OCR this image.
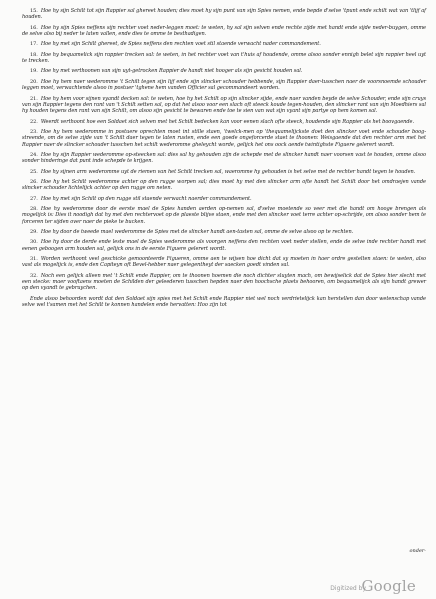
15. Hoe hy sijn Schilt tot sijn Rappier sal ghereet houden; dies moet hy sijn punt van sijn Spies nemen, ende bepde d'selve 'tpunt ende schilt wat van 'tlijf af houden.
16. Hoe hy sijn Spies neffens sijn rechter voet neder-leggen moet: te weten, hy sal sijn selven ende rechte zijde met handt ende sijde neder-buygen, omme de selve also bij neder te laten vallen, ende dies te omme te besthadigen.
17. Hoe hy met sijn Schilt ghereet, de Spies neffens den rechten voet stil staende verwacht nader commandement.
18. Hoe hy bequamelick sijn rappier trecken sal: te weten, in het rechter voet van t'huis af houdende, omme alsoo sonder ennigh belet sijn rappier heel uyt te trecken.
19. Hoe hy met verthoonen van sijn uyt-getrocken Rappier de handt niet hooger als sijn gesicht houden sal.
20. Hoe hy hem naer wederomme 't Schilt tegen sijn lijf ende sijn slincker schouder hebbende, sijn Rappier daer-tusschen naer de voorsnoemde schouder leggen moet, verwachtende alsoo in postuer 'tghene hem vanden Officier sal gecommandeert worden.
21. Hoe hy hem voor sijnen vyandt decken sal: te weten, hoe hy het Schilt op sijn slincker sijde, ende naer vanden beyde de selve Schouder, ende sijn cruys van sijn Rappier tegens den rant van 't Schilt setten sal, op dat het alsoo voor een slach oft steeck koude tegen-houden, den slincker rant van sijn Moedhiers sal hy houden tegens den rant van sijn Schilt, om alsoo sijn gesicht te bewaren ende toe te sien van wat sijn vyant sijn partye op hem komen sal.
22. Weerdt verthoont hoe een Soldaet sich selven met het Schilt bedecken kan voor eenen slach ofte steeck, houdende sijn Rappier als het boovgaende.
23. Hoe hy hem wederomme in postuere oprechten moet int stille staen, 'twelck-men op 'thequamelijckste doet den slincker voet ende schouder boog-streende, om de selve zijde van 't Schilt daer tegen te laten rusten, ende een goede ongeforcerde staet te thoonen: Weisgaende dat den rechter arm met het Rappier naer de slincker schouder tusschen het schilt wederomme gheleycht worde, gelijck het ons oock aende twintighste Figuere gelerert wordt.
24. Hoe hy sijn Rappier wederomme op-steecken sal: dies sal hy gehouden zijn de schepde met de slincker handt naer voorsen vast te houden, omme alsoo sonder hinderinge dat punt inde schepde te krijgen.
25. Hoe hy sijnen arm wederomme uyt de riemen van het Schilt trecken sal, waeromme hy gehouden is het selve met de rechter handt tegen te houden.
26. Hoe hy het Schilt wederomme achter op den rugge worpen sal; dies moet hy met den slincker arm ofte handt het Schilt door het omdraejen vande slincker schouder lichtelijck achter op den rugge om neten.
27. Hoe hy met sijn Schilt op den rugge stil staende verwacht naerder commandement.
28. Hoe hy wederomme door de eerste mael de Spies handen aerden op-nemen sal, d'selve moetende so veer met die handt om hooge brengen als mogelijck is: Dies it noodigh dat hy met den rechtervoet op de plaeste blijve staen, ende met den slincker voet terre achter op-schrijde, om alsoo sonder hem te forceren ter sijden over naer de pieke te bucken.
29. Hoe hy door de tweede mael wederomme de Spies met de slincker handt aen-tasten sal, omme de selve alsoo op te rechten.
30. Hoe hy door de derde ende leste mael de Spies wederomme als voorgen neffens den rechten voet neder stellen, ende de selve inde rechter handt met eenen geboogen arm houden sal, gelijck ons in de eerste Figuere gelerert wordt.
31. Worden verthoont veel geschicke gemoonteerde Figueren, omme aen te wijsen hoe dicht dat sy moeten in haer ordre gestelten staen: te weten, also vast als mogelijck is, ende den Capiteyn oft Bevel-hebber naer gelegentheyt der saecken goedt vinden sal.
32. Noch een gelijck alleen met 't Schilt ende Rappier, om te thoonen hoemen die noch dichter sluyten mach, om bewijselick dat de Spies hier slecht met een stecke: maer vooftaens moeten de Schilden der geleederen tusschen hepden naer den hoochsche plaets behooren, om bequamelijck als sijn handt grewer op den vyandt te gebruychen.
Ende alsoo behoorden wordt dat den Soldaet sijn spies met het Schilt ende Rappier niet wel noch verdrietelijck kan herstellen dan door wetenschap vande selve wel t'samen met het Schilt te konnen handelen ende hervatten: Hoo zijn tot
onder-
Digitized by
Google
